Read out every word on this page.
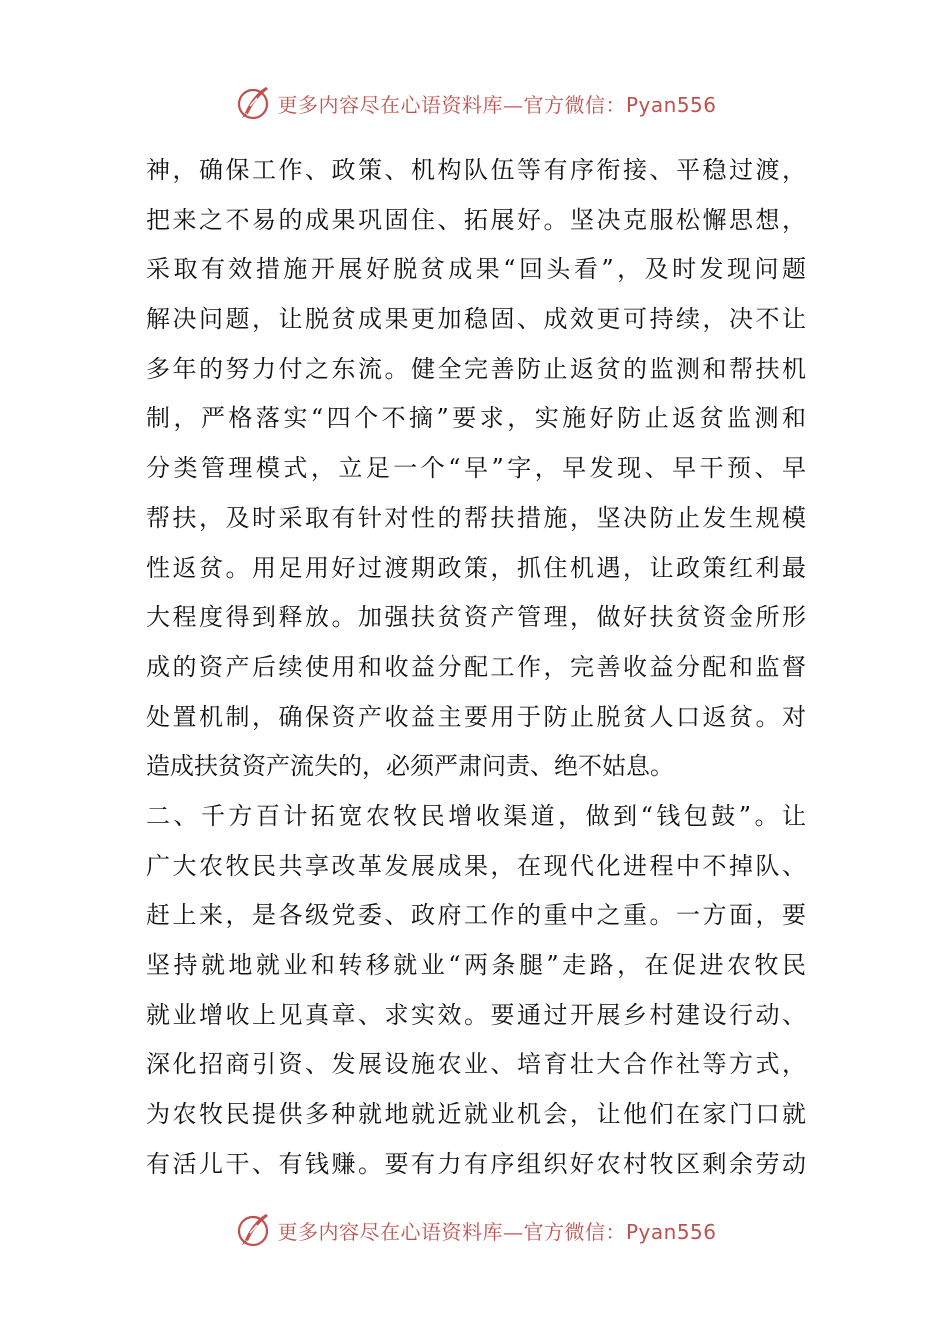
更多内容尽在心语资料库—官方微信：Pyan556
神，确保工作、政策、机构队伍等有序衔接、平稳过渡，
把来之不易的成果巩固住、拓展好。坚决克服松懈思想，
采取有效措施开展好脱贫成果“回头看”，及时发现问题
解决问题，让脱贫成果更加稳固、成效更可持续，决不让
多年的努力付之东流。健全完善防止返贫的监测和帮扶机
制，严格落实“四个不摘”要求，实施好防止返贫监测和
分类管理模式，立足一个“早”字，早发现、早干预、早
帮扶，及时采取有针对性的帮扶措施，坚决防止发生规模
性返贫。用足用好过渡期政策，抓住机遇，让政策红利最
大程度得到释放。加强扶贫资产管理，做好扶贫资金所形
成的资产后续使用和收益分配工作，完善收益分配和监督
处置机制，确保资产收益主要用于防止脱贫人口返贫。对
造成扶贫资产流失的，必须严肃问责、绝不姑息。
二、千方百计拓宽农牧民增收渠道，做到“钱包鼓”。让
广大农牧民共享改革发展成果，在现代化进程中不掉队、
赶上来，是各级党委、政府工作的重中之重。一方面，要
坚持就地就业和转移就业“两条腿”走路，在促进农牧民
就业增收上见真章、求实效。要通过开展乡村建设行动、
深化招商引资、发展设施农业、培育壮大合作社等方式，
为农牧民提供多种就地就近就业机会，让他们在家门口就
有活儿干、有钱赚。要有力有序组织好农村牧区剩余劳动
更多内容尽在心语资料库—官方微信：Pyan556
